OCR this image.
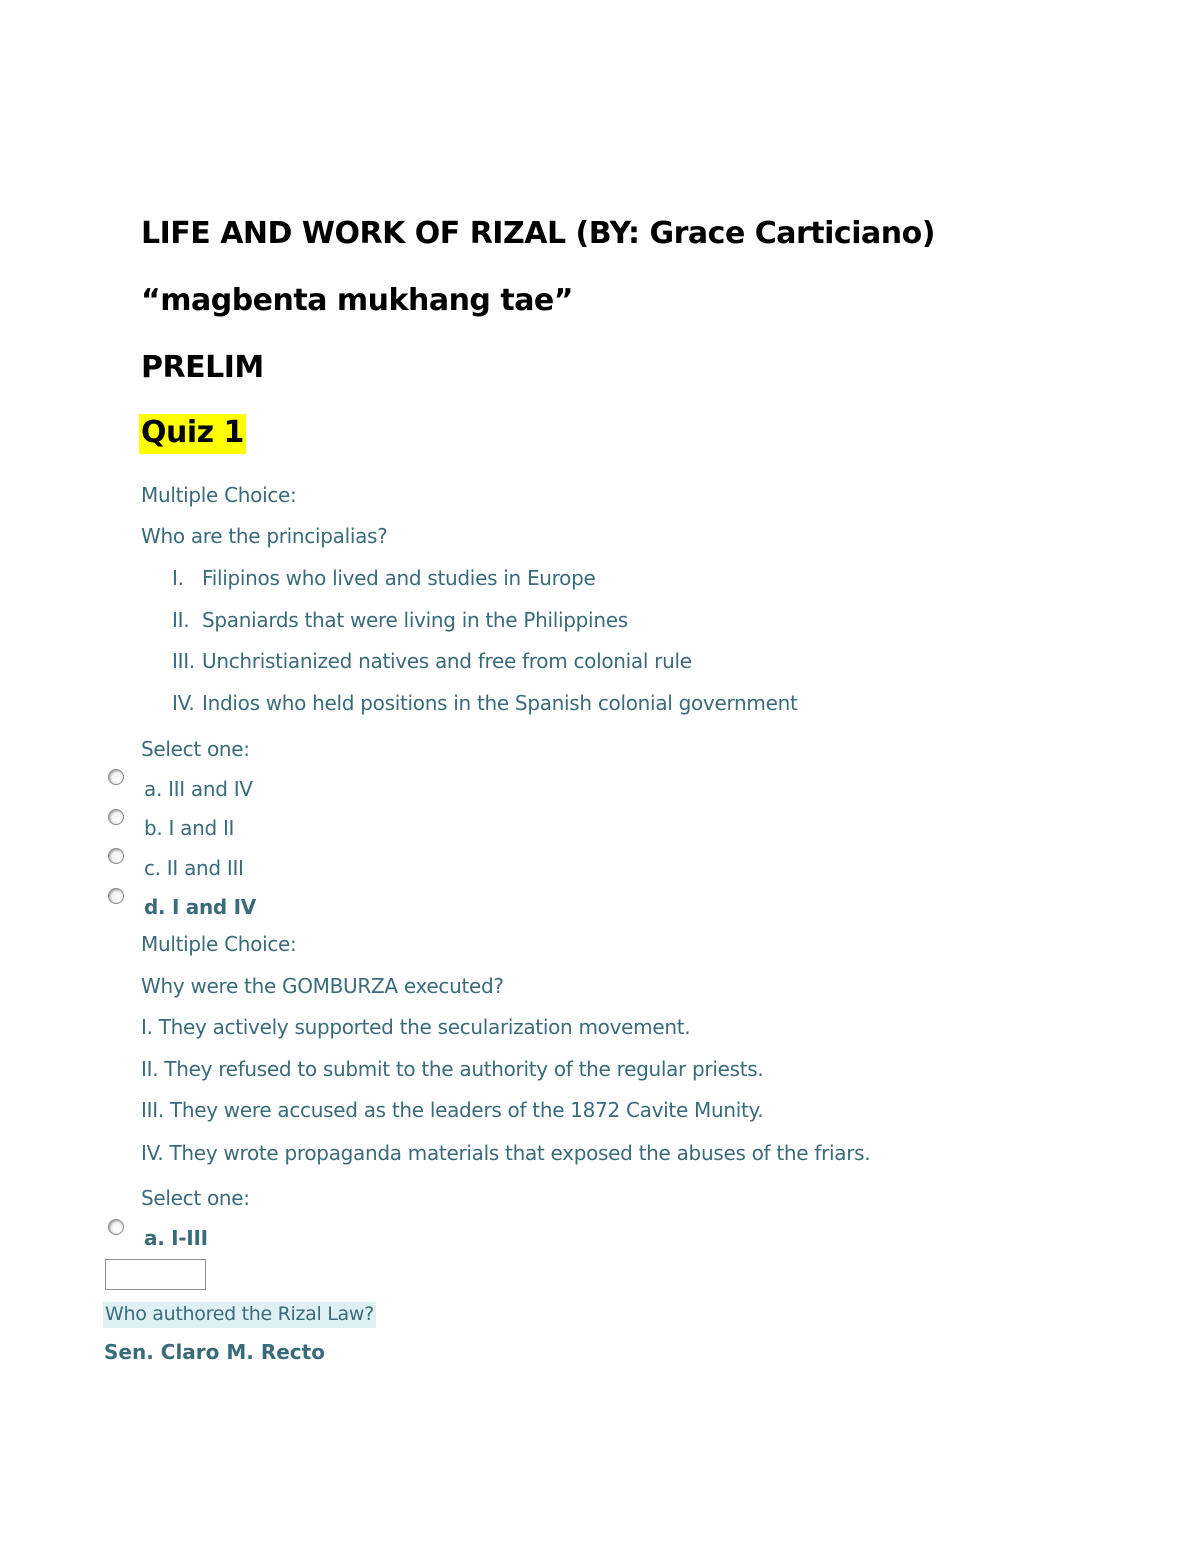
LIFE AND WORK OF RIZAL (BY: Grace Carticiano)
“magbenta mukhang tae”
PRELIM
Quiz 1
Multiple Choice:
Who are the principalias?
I. Filipinos who lived and studies in Europe
II. Spaniards that were living in the Philippines
III. Unchristianized natives and free from colonial rule
IV. Indios who held positions in the Spanish colonial government
Select one:
a. III and IV
b. I and II
c. II and III
d. I and IV
Multiple Choice:
Why were the GOMBURZA executed?
I. They actively supported the secularization movement.
II. They refused to submit to the authority of the regular priests.
III. They were accused as the leaders of the 1872 Cavite Munity.
IV. They wrote propaganda materials that exposed the abuses of the friars.
Select one:
a. I-III
Who authored the Rizal Law?
Sen. Claro M. Recto
